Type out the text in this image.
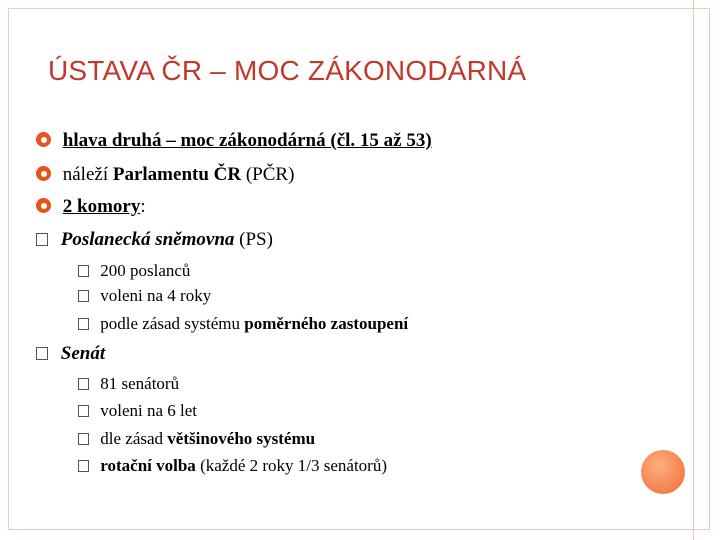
ÚSTAVA ČR – MOC ZÁKONODÁRNÁ
hlava druhá – moc zákonodárná (čl. 15 až 53)
náleží Parlamentu ČR (PČR)
2 komory:
Poslanecká sněmovna (PS)
200 poslanců
voleni na 4 roky
podle zásad systému poměrného zastoupení
Senát
81 senátorů
voleni na 6 let
dle zásad většinového systému
rotační volba (každé 2 roky 1/3 senátorů)
